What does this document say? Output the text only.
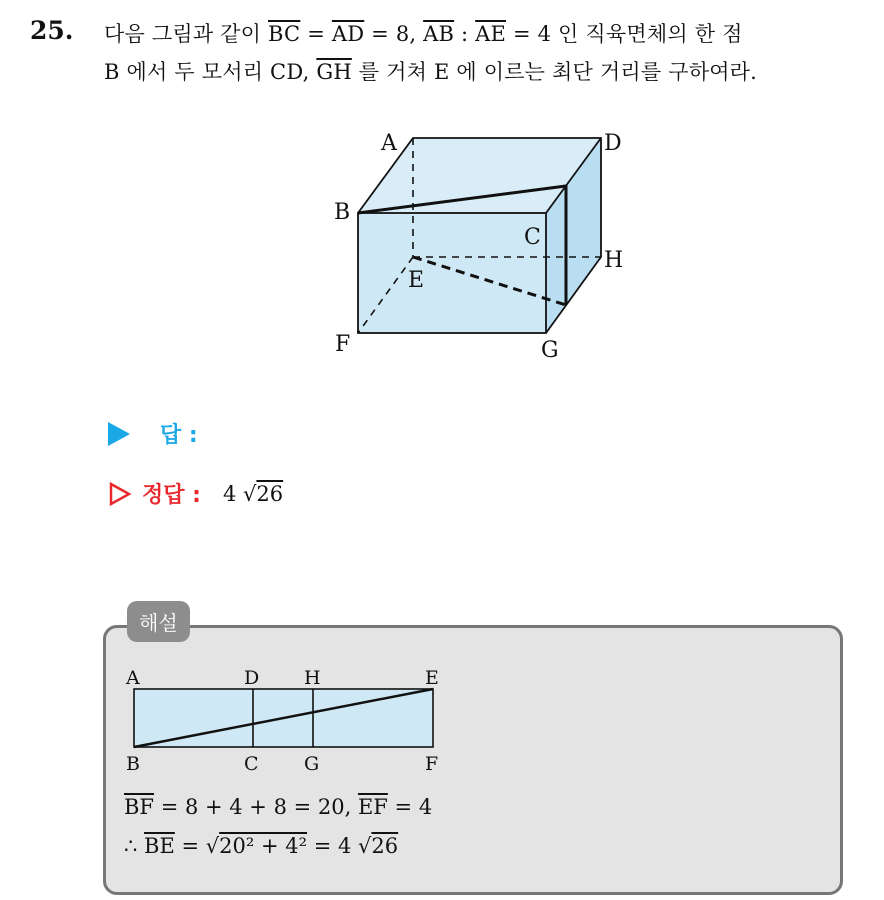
25. 다음 그림과 같이 $\overline{BC} = \overline{AD} = 8$, $\overline{AB}$ : $\overline{AE} = 4$ 인 직육면체의 한 점
B 에서 두 모서리 CD, $\overline{GH}$ 를 거쳐 E 에 이르는 최단 거리를 구하여라.
A	D
B
C
E
H
F	G
답 :
정답 : 4 √26
해설
A	D H	E
B	C G	F
$\overline{BF} = 8 + 4 + 8 = 20$, $\overline{EF} = 4$
∴ $\overline{BE} = √20^2 + 4^2 = 4$ √26
